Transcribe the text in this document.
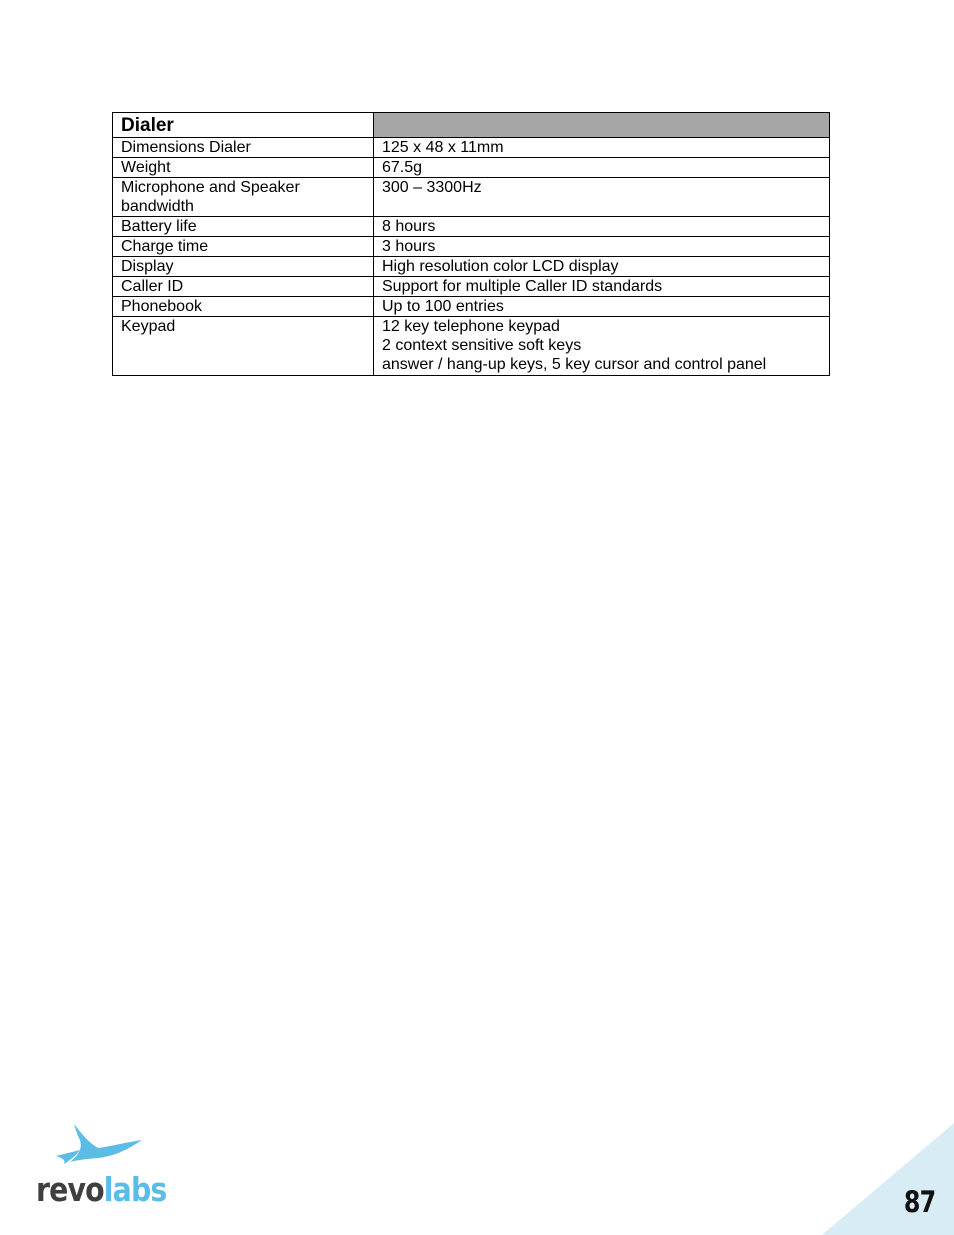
Dialer	
Dimensions Dialer	125 x 48 x 11mm
Weight	67.5g

Microphone and Speaker
bandwidth	300 – 3300Hz
Battery life	8 hours
Charge time	3 hours
Display	High resolution color LCD display
Caller ID	Support for multiple Caller ID standards
Phonebook	Up to 100 entries
Keypad	12 key telephone keypad
2 context sensitive soft keys
answer / hang-up keys, 5 key cursor and control panel
revolabs	87
